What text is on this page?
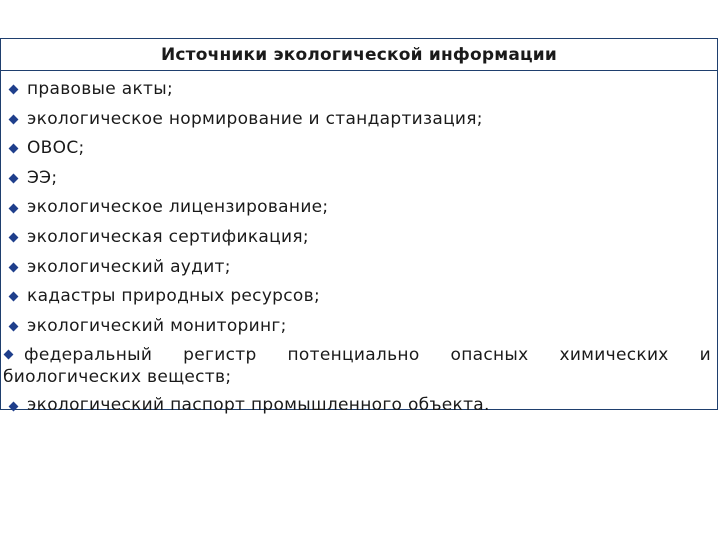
Источники экологической информации
правовые акты;
экологическое нормирование и стандартизация;
ОВОС;
ЭЭ;
экологическое лицензирование;
экологическая сертификация;
экологический аудит;
кадастры природных ресурсов;
экологический мониторинг;
федеральный   регистр   потенциально   опасных   химических   и
биологических веществ;
экологический паспорт промышленного объекта.
